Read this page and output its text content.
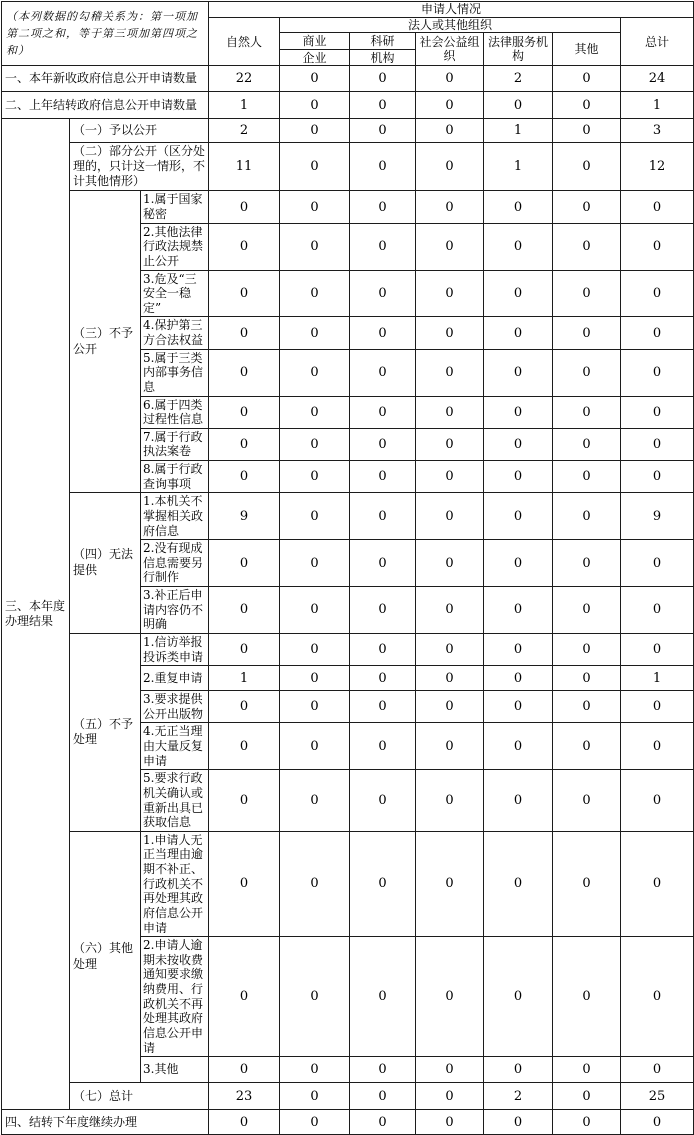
（本列数据的勾稽关系为：第一项加第二项之和，等于第三项加第四项之和）			申请人情况						
			自然人	法人或其他组织					总计
				商业	科研	社会公益组织	法律服务机构	其他	
				企业	机构				
一、本年新收政府信息公开申请数量			22	0	0	0	2	0	24
二、上年结转政府信息公开申请数量			1	0	0	0	0	0	1
三、本年度办理结果	（一）予以公开		2	0	0	0	1	0	3
	（二）部分公开（区分处理的，只计这一情形，不计其他情形）		11	0	0	0	1	0	12
	（三）不予公开	1.属于国家秘密	0	0	0	0	0	0	0
		2.其他法律行政法规禁止公开	0	0	0	0	0	0	0
		3.危及“三安全一稳定”	0	0	0	0	0	0	0
		4.保护第三方合法权益	0	0	0	0	0	0	0
		5.属于三类内部事务信息	0	0	0	0	0	0	0
		6.属于四类过程性信息	0	0	0	0	0	0	0
		7.属于行政执法案卷	0	0	0	0	0	0	0
		8.属于行政查询事项	0	0	0	0	0	0	0
	（四）无法提供	1.本机关不掌握相关政府信息	9	0	0	0	0	0	9
		2.没有现成信息需要另行制作	0	0	0	0	0	0	0
		3.补正后申请内容仍不明确	0	0	0	0	0	0	0
	（五）不予处理	1.信访举报投诉类申请	0	0	0	0	0	0	0
		2.重复申请	1	0	0	0	0	0	1
		3.要求提供公开出版物	0	0	0	0	0	0	0
		4.无正当理由大量反复申请	0	0	0	0	0	0	0
		5.要求行政机关确认或重新出具已获取信息	0	0	0	0	0	0	0
	（六）其他处理	1.申请人无正当理由逾期不补正、行政机关不再处理其政府信息公开申请	0	0	0	0	0	0	0
		2.申请人逾期未按收费通知要求缴纳费用、行政机关不再处理其政府信息公开申请	0	0	0	0	0	0	0
		3.其他	0	0	0	0	0	0	0
	（七）总计		23	0	0	0	2	0	25
四、结转下年度继续办理			0	0	0	0	0	0	0
